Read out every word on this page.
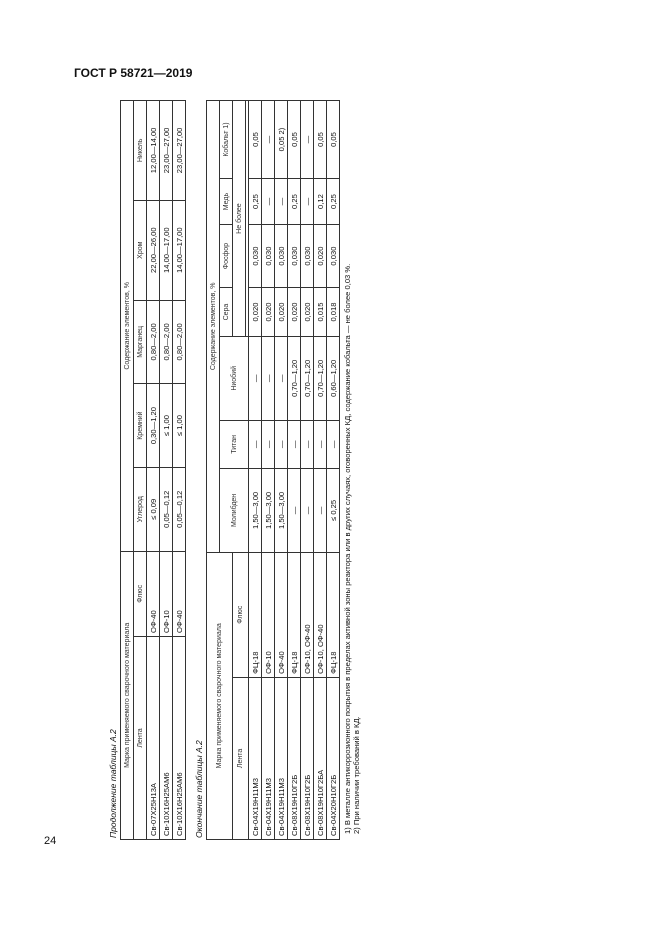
ГОСТ Р 58721—2019
24
Продолжение таблицы А.2
Марка применяемого сварочного материала		Содержание элементов, %				
Лента	Флюс	Углерод	Кремний	Марганец	Хром	Никель
Св-07Х25Н13А	ОФ-40	≤ 0,09	0,30—1,20	0,80—2,00	22,00—26,00	12,00—14,00
Св-10Х16Н25АМ6	ОФ-10	0,05—0,12	≤ 1,00	0,80—2,00	14,00—17,00	23,00—27,00
Св-10Х16Н25АМ6	ОФ-40	0,05—0,12	≤ 1,00	0,80—2,00	14,00—17,00	23,00—27,00
Окончание таблицы А.2
Марка применяемого сварочного материала		Содержание элементов, %						
		Молибден	Титан	Ниобий	Сера	Фосфор	Медь	Кобальт 1)
Лента	Флюс				Не более			

Св-04Х19Н11М3	ФЦ-18	1,50—3,00	—	—	0,020	0,030	0,25	0,05
Св-04Х19Н11М3	ОФ-10	1,50—3,00	—	—	0,020	0,030	—	—
Св-04Х19Н11М3	ОФ-40	1,50—3,00	—	—	0,020	0,030	—	0,05 2)
Св-08Х19Н10Г2Б	ФЦ-18	—	—	0,70—1,20	0,020	0,030	0,25	0,05
Св-08Х19Н10Г2Б	ОФ-10, ОФ-40	—	—	0,70—1,20	0,020	0,030	—	—
Св-08Х19Н10Г2БА	ОФ-10, ОФ-40	—	—	0,70—1,20	0,015	0,020	0,12	0,05
Св-04Х20Н10Г2Б	ФЦ-18	≤ 0,25	—	0,60—1,20	0,018	0,030	0,25	0,05
1) В металле антикоррозионного покрытия в пределах активной зоны реактора или в других случаях, оговоренных КД, содержание кобальта — не более 0,03 %. 2) При наличии требований в КД.
